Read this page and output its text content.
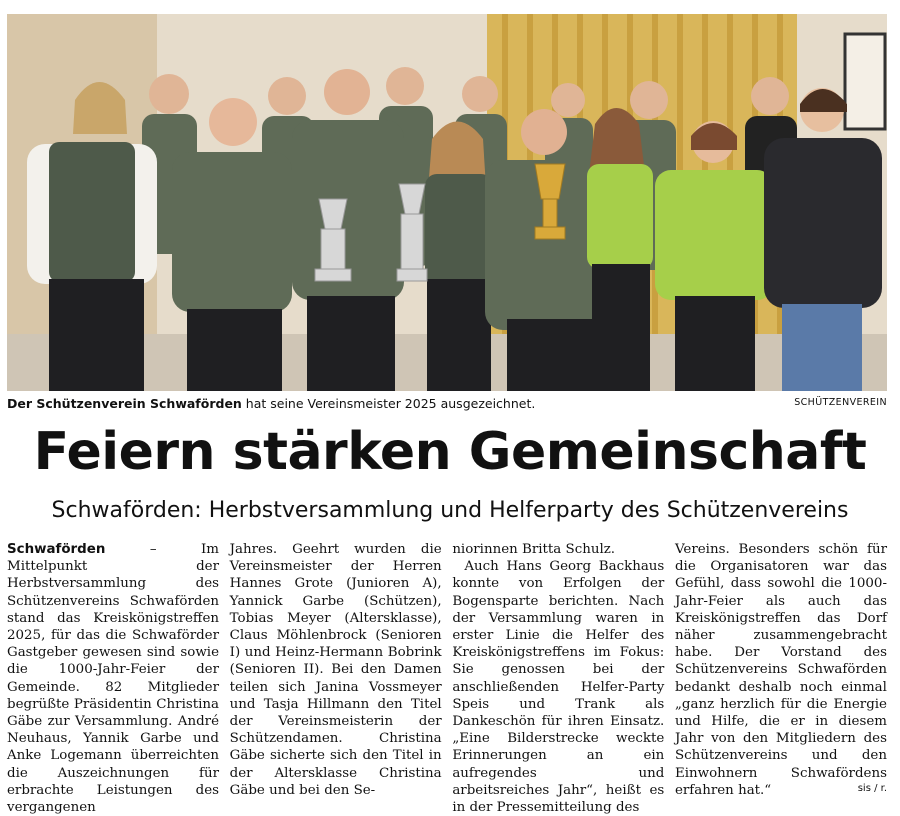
Der Schützenverein Schwaförden hat seine Vereinsmeister 2025 ausgezeichnet.	SCHÜTZENVEREIN
Feiern stärken Gemeinschaft
Schwaförden: Herbstversammlung und Helferparty des Schützenvereins

Schwaförden – Im Mittelpunkt der Herbstversammlung des Schützenvereins Schwaförden stand das Kreiskönigstreffen 2025, für das die Schwaförder Gastgeber gewesen sind sowie die 1000-Jahr-Feier der Gemeinde. 82 Mitglieder begrüßte Präsidentin Christina Gäbe zur Versammlung. André Neuhaus, Yannik Garbe und Anke Logemann überreichten die Auszeichnungen für erbrachte Leistungen des vergangenen

Jahres. Geehrt wurden die Vereinsmeister der Herren Hannes Grote (Junioren A), Yannick Garbe (Schützen), Tobias Meyer (Altersklasse), Claus Möhlenbrock (Senioren I) und Heinz-Hermann Bobrink (Senioren II). Bei den Damen teilen sich Janina Vossmeyer und Tasja Hillmann den Titel der Vereinsmeisterin der Schützendamen. Christina Gäbe sicherte sich den Titel in der Altersklasse Christina Gäbe und bei den Se-

niorinnen Britta Schulz.

Auch Hans Georg Backhaus konnte von Erfolgen der Bogensparte berichten. Nach der Versammlung waren in erster Linie die Helfer des Kreiskönigstreffens im Fokus: Sie genossen bei der anschließenden Helfer-Party Speis und Trank als Dankeschön für ihren Einsatz. „Eine Bilderstrecke weckte Erinnerungen an ein aufregendes und arbeitsreiches Jahr“, heißt es in der Pressemitteilung des

Vereins. Besonders schön für die Organisatoren war das Gefühl, dass sowohl die 1000-Jahr-Feier als auch das Kreiskönigstreffen das Dorf näher zusammengebracht habe. Der Vorstand des Schützenvereins Schwaförden bedankt deshalb noch einmal „ganz herzlich für die Energie und Hilfe, die er in diesem Jahr von den Mitgliedern des Schützenvereins und den Einwohnern Schwafördens erfahren hat.“	sis / r.
